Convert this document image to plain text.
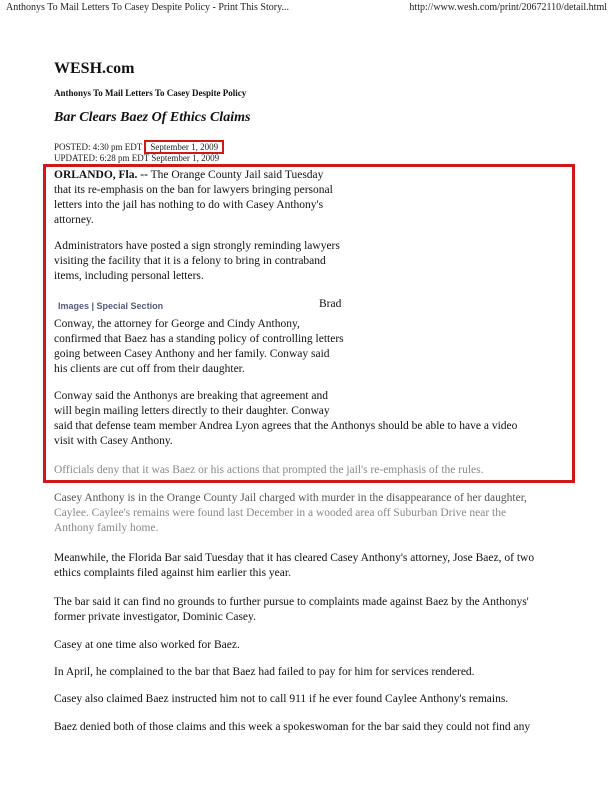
Anthonys To Mail Letters To Casey Despite Policy - Print This Story...	http://www.wesh.com/print/20672110/detail.html
WESH.com
Anthonys To Mail Letters To Casey Despite Policy
Bar Clears Baez Of Ethics Claims
POSTED: 4:30 pm EDT September 1, 2009
UPDATED: 6:28 pm EDT September 1, 2009
ORLANDO, Fla. -- The Orange County Jail said Tuesday
that its re-emphasis on the ban for lawyers bringing personal
letters into the jail has nothing to do with Casey Anthony's
attorney.
Administrators have posted a sign strongly reminding lawyers
visiting the facility that it is a felony to bring in contraband
items, including personal letters.
Images | Special Section	Brad
Conway, the attorney for George and Cindy Anthony,
confirmed that Baez has a standing policy of controlling letters
going between Casey Anthony and her family. Conway said
his clients are cut off from their daughter.
Conway said the Anthonys are breaking that agreement and
will begin mailing letters directly to their daughter. Conway
said that defense team member Andrea Lyon agrees that the Anthonys should be able to have a video
visit with Casey Anthony.
Officials deny that it was Baez or his actions that prompted the jail's re-emphasis of the rules.
Casey Anthony is in the Orange County Jail charged with murder in the disappearance of her daughter,
Caylee. Caylee's remains were found last December in a wooded area off Suburban Drive near the
Anthony family home.
Meanwhile, the Florida Bar said Tuesday that it has cleared Casey Anthony's attorney, Jose Baez, of two
ethics complaints filed against him earlier this year.
The bar said it can find no grounds to further pursue to complaints made against Baez by the Anthonys'
former private investigator, Dominic Casey.
Casey at one time also worked for Baez.
In April, he complained to the bar that Baez had failed to pay for him for services rendered.
Casey also claimed Baez instructed him not to call 911 if he ever found Caylee Anthony's remains.
Baez denied both of those claims and this week a spokeswoman for the bar said they could not find any
